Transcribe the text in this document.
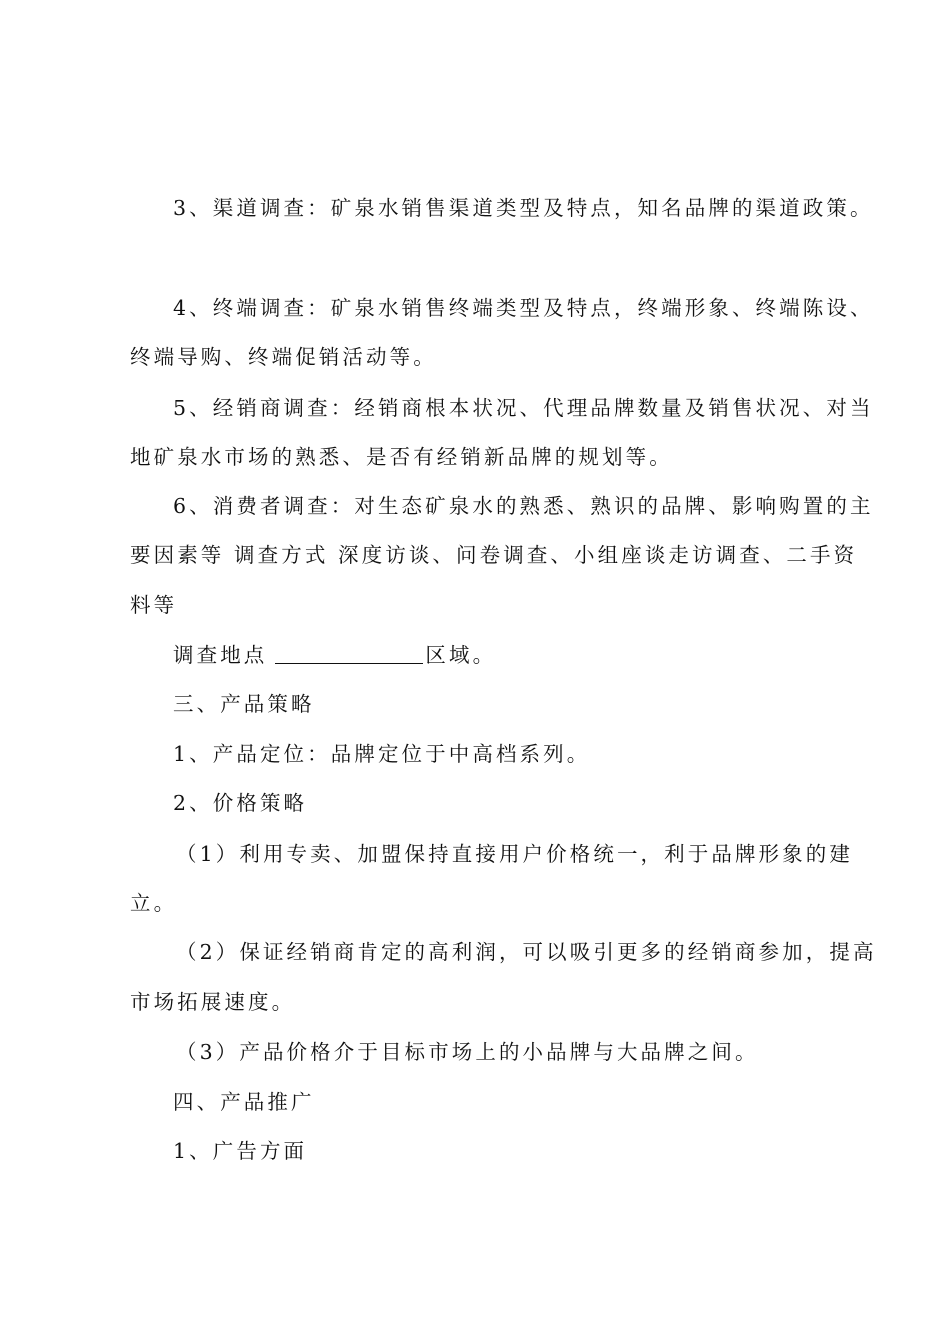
3、渠道调查：矿泉水销售渠道类型及特点，知名品牌的渠道政策。
4、终端调查：矿泉水销售终端类型及特点，终端形象、终端陈设、
终端导购、终端促销活动等。
5、经销商调查：经销商根本状况、代理品牌数量及销售状况、对当
地矿泉水市场的熟悉、是否有经销新品牌的规划等。
6、消费者调查：对生态矿泉水的熟悉、熟识的品牌、影响购置的主
要因素等 调查方式 深度访谈、问卷调查、小组座谈走访调查、二手资
料等
调查地点	区域。
三、产品策略
1、产品定位：品牌定位于中高档系列。
2、价格策略
（1）利用专卖、加盟保持直接用户价格统一，利于品牌形象的建
立。
（2）保证经销商肯定的高利润，可以吸引更多的经销商参加，提高
市场拓展速度。
（3）产品价格介于目标市场上的小品牌与大品牌之间。
四、产品推广
1、广告方面
